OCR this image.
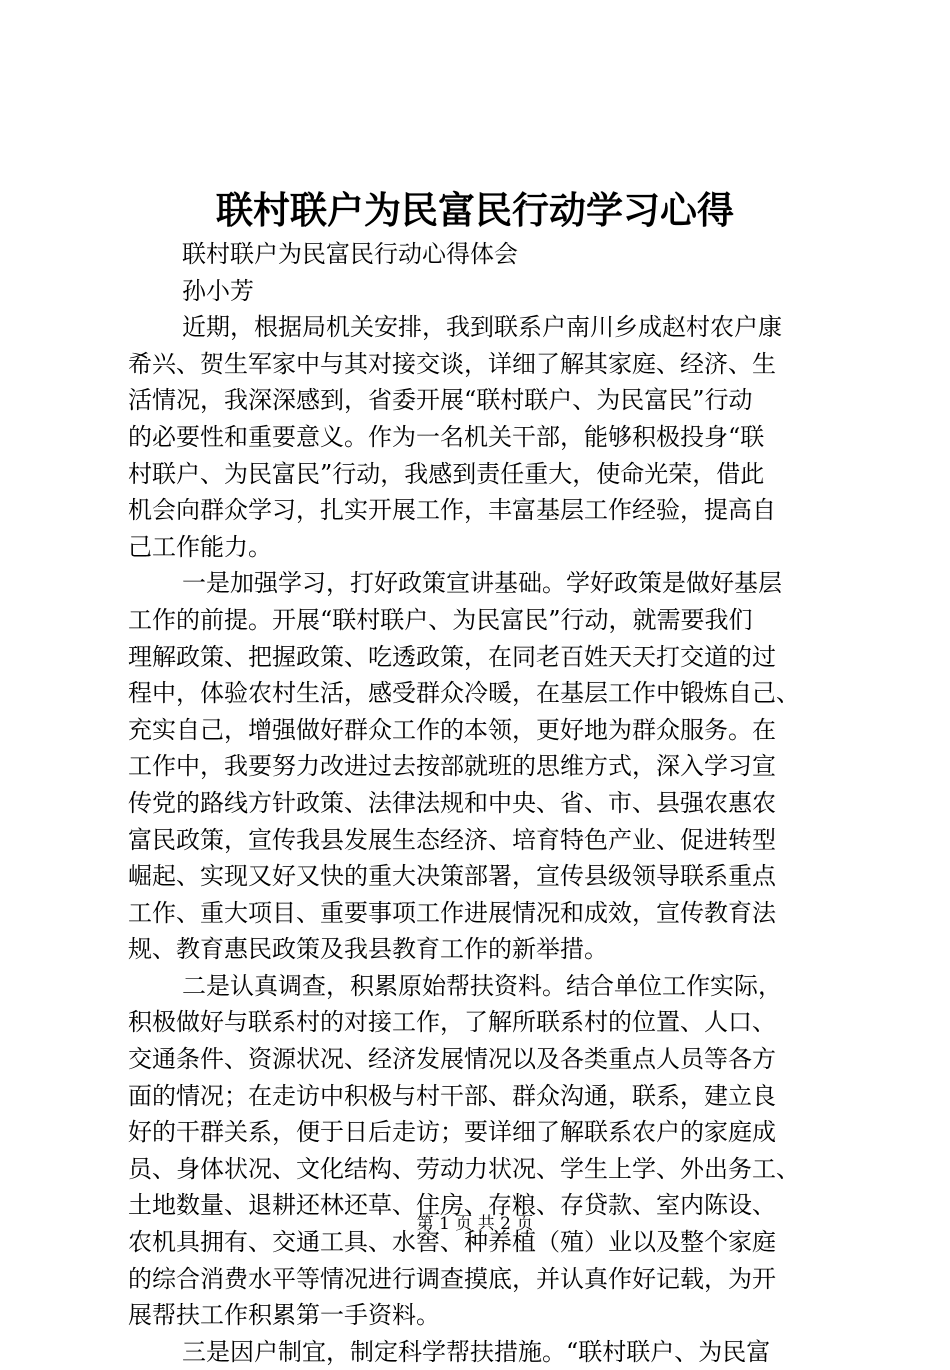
联村联户为民富民行动学习心得
联村联户为民富民行动心得体会
孙小芳
近期，根据局机关安排，我到联系户南川乡成赵村农户康
希兴、贺生军家中与其对接交谈，详细了解其家庭、经济、生
活情况，我深深感到，省委开展“联村联户、为民富民”行动
的必要性和重要意义。作为一名机关干部，能够积极投身“联
村联户、为民富民”行动，我感到责任重大，使命光荣，借此
机会向群众学习，扎实开展工作，丰富基层工作经验，提高自
己工作能力。
一是加强学习，打好政策宣讲基础。学好政策是做好基层
工作的前提。开展“联村联户、为民富民”行动，就需要我们
理解政策、把握政策、吃透政策，在同老百姓天天打交道的过
程中，体验农村生活，感受群众冷暖，在基层工作中锻炼自己、
充实自己，增强做好群众工作的本领，更好地为群众服务。在
工作中，我要努力改进过去按部就班的思维方式，深入学习宣
传党的路线方针政策、法律法规和中央、省、市、县强农惠农
富民政策，宣传我县发展生态经济、培育特色产业、促进转型
崛起、实现又好又快的重大决策部署，宣传县级领导联系重点
工作、重大项目、重要事项工作进展情况和成效，宣传教育法
规、教育惠民政策及我县教育工作的新举措。
二是认真调查，积累原始帮扶资料。结合单位工作实际，
积极做好与联系村的对接工作，了解所联系村的位置、人口、
交通条件、资源状况、经济发展情况以及各类重点人员等各方
面的情况；在走访中积极与村干部、群众沟通，联系，建立良
好的干群关系，便于日后走访；要详细了解联系农户的家庭成
员、身体状况、文化结构、劳动力状况、学生上学、外出务工、
土地数量、退耕还林还草、住房、存粮、存贷款、室内陈设、
农机具拥有、交通工具、水窖、种养植（殖）业以及整个家庭
的综合消费水平等情况进行调查摸底，并认真作好记载，为开
展帮扶工作积累第一手资料。
三是因户制宜，制定科学帮扶措施。“联村联户、为民富
第 1 页 共 2 页
